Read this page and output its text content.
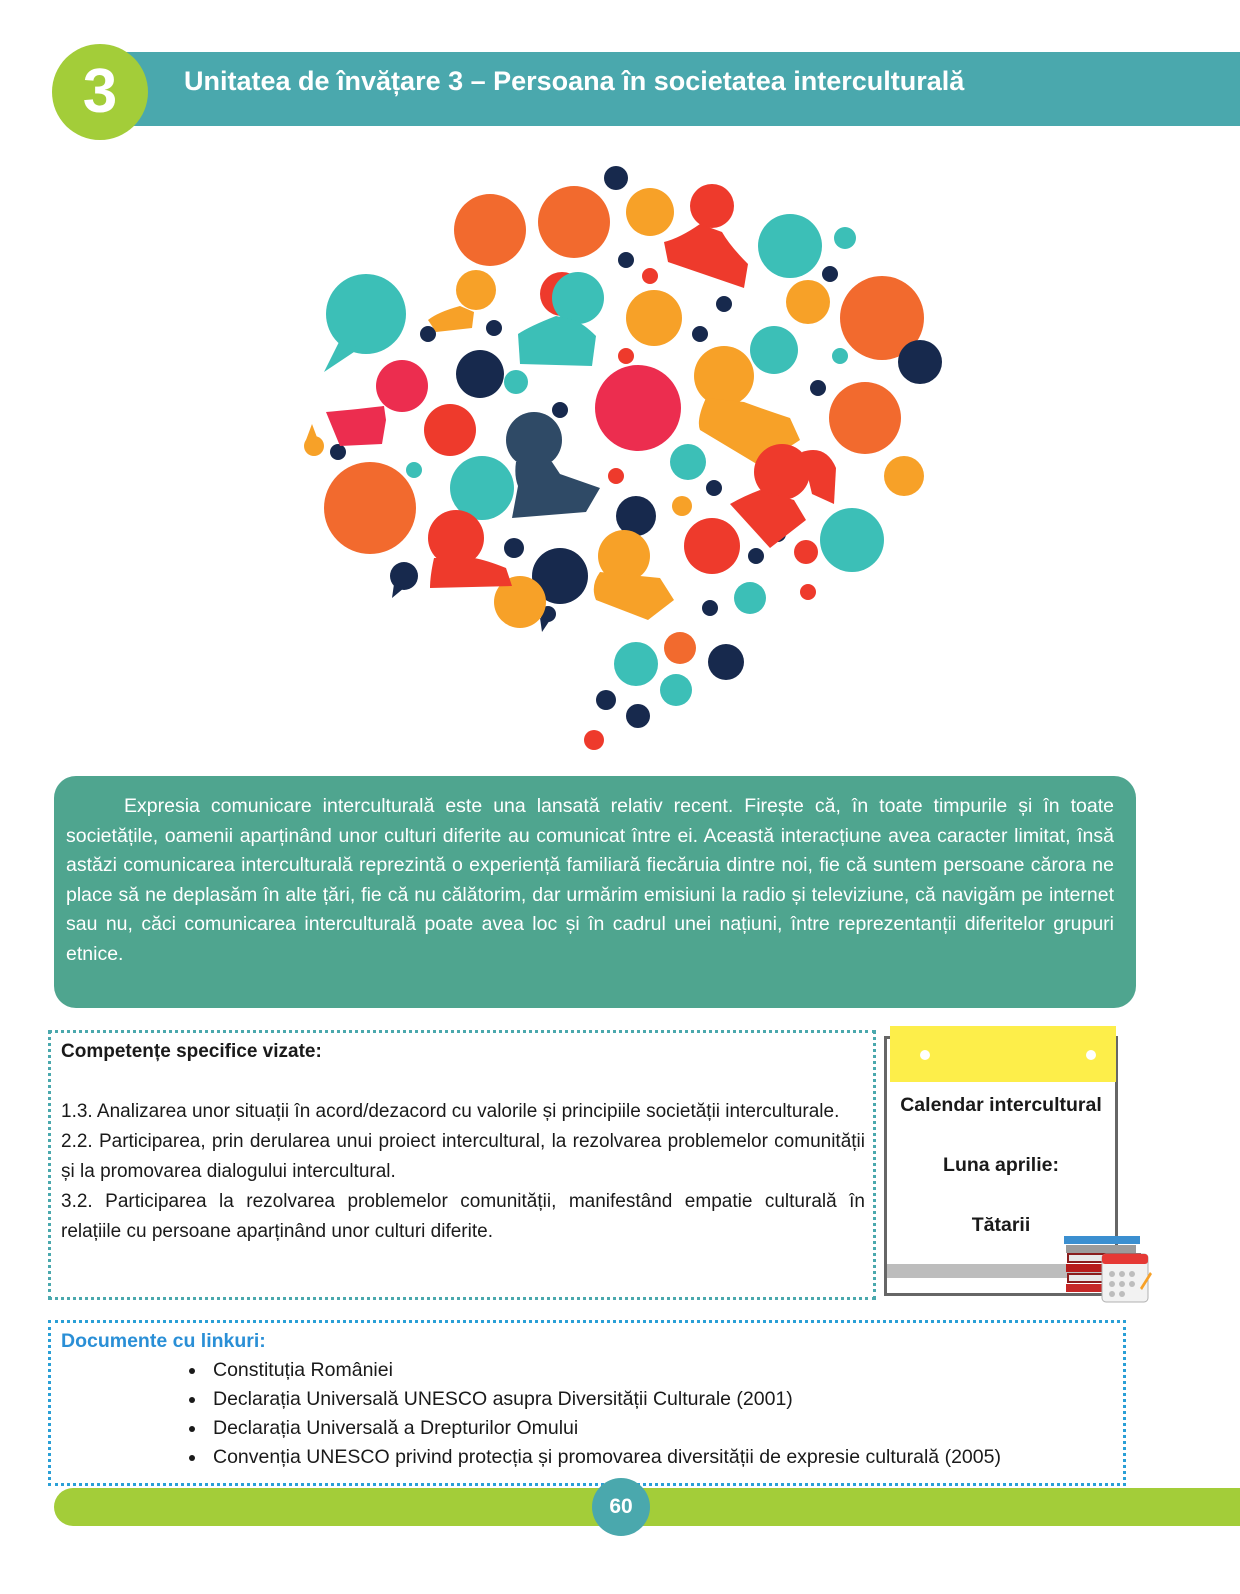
3	Unitatea de învățare 3 – Persoana în societatea interculturală

Expresia comunicare interculturală este una lansată relativ recent. Firește că, în toate timpurile și în toate societățile, oamenii aparținând unor culturi diferite au comunicat între ei. Această interacțiune avea caracter limitat, însă astăzi comunicarea interculturală reprezintă o experiență familiară fiecăruia dintre noi, fie că suntem persoane cărora ne place să ne deplasăm în alte țări, fie că nu călătorim, dar urmărim emisiuni la radio și televiziune, că navigăm pe internet sau nu, căci comunicarea interculturală poate avea loc și în cadrul unei națiuni, între reprezentanții diferitelor grupuri etnice.

Competențe specifice vizate:
1.3. Analizarea unor situații în acord/dezacord cu valorile și principiile societății interculturale.
2.2. Participarea, prin derularea unui proiect intercultural, la rezolvarea problemelor comunității și la promovarea dialogului intercultural.
3.2. Participarea la rezolvarea problemelor comunității, manifestând empatie culturală în relațiile cu persoane aparținând unor culturi diferite.
Calendar intercultural
Luna aprilie:
Tătarii
Documente cu linkuri:
• Constituția României
• Declarația Universală UNESCO asupra Diversității Culturale (2001)
• Declarația Universală a Drepturilor Omului
• Convenția UNESCO privind protecția și promovarea diversității de expresie culturală (2005)
60
